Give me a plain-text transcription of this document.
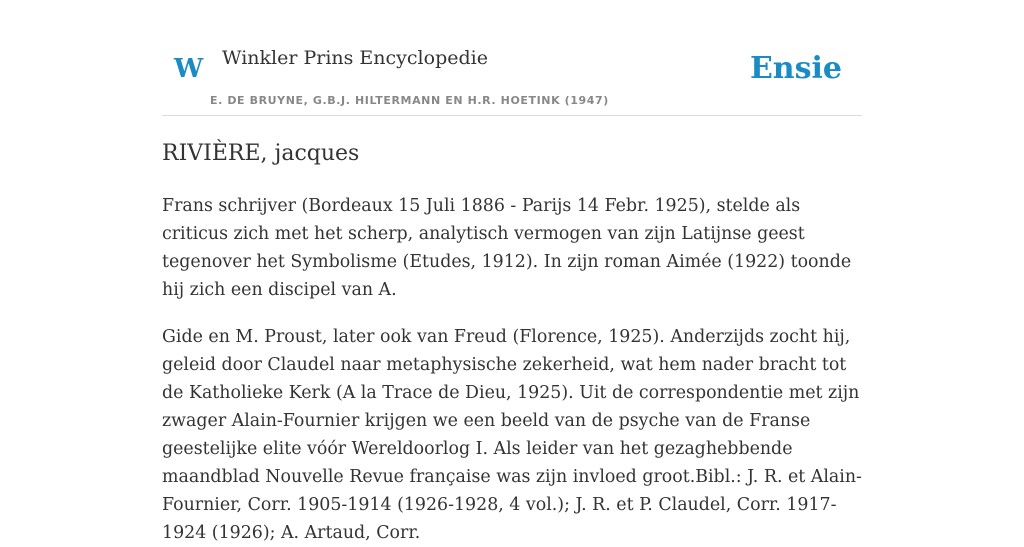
W Winkler Prins Encyclopedie
E. DE BRUYNE, G.B.J. HILTERMANN EN H.R. HOETINK (1947)
Ensie
RIVIÈRE, jacques

Frans schrijver (Bordeaux 15 Juli 1886 - Parijs 14 Febr. 1925), stelde als criticus zich met het scherp, analytisch vermogen van zijn Latijnse geest tegenover het Symbolisme (Etudes, 1912). In zijn roman Aimée (1922) toonde hij zich een discipel van A.

Gide en M. Proust, later ook van Freud (Florence, 1925). Anderzijds zocht hij, geleid door Claudel naar metaphysische zekerheid, wat hem nader bracht tot de Katholieke Kerk (A la Trace de Dieu, 1925). Uit de correspondentie met zijn zwager Alain-Fournier krijgen we een beeld van de psyche van de Franse geestelijke elite vóór Wereldoorlog I. Als leider van het gezaghebbende maandblad Nouvelle Revue française was zijn invloed groot.Bibl.: J. R. et Alain-Fournier, Corr. 1905-1914 (1926-1928, 4 vol.); J. R. et P. Claudel, Corr. 1917-1924 (1926); A. Artaud, Corr.
